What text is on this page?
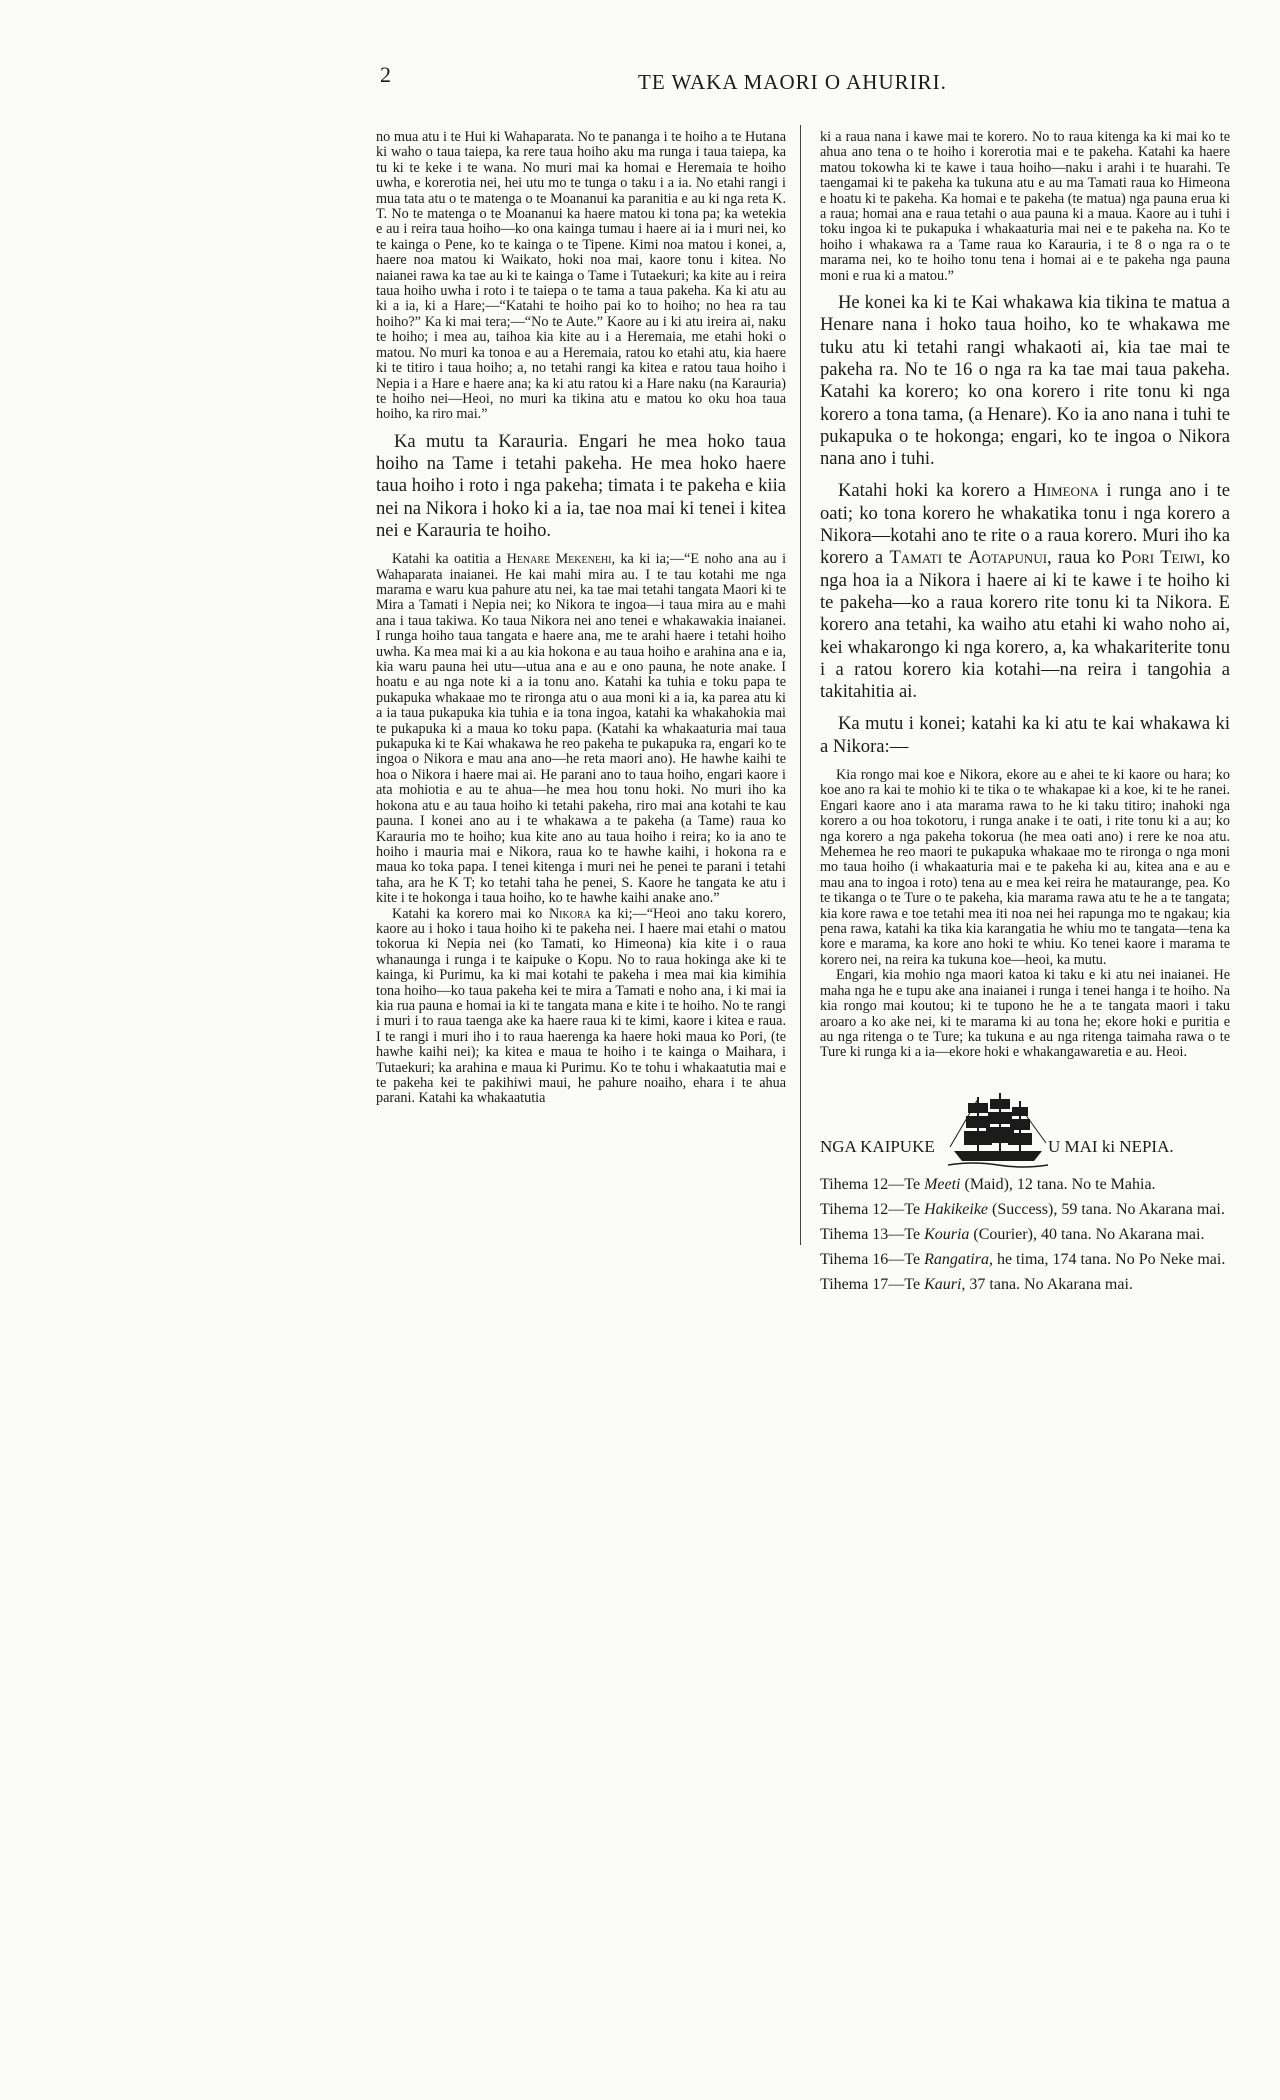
2	TE WAKA MAORI O AHURIRI.

no mua atu i te Hui ki Wahaparata. No te pananga i te hoiho a te Hutana ki waho o taua taiepa, ka rere taua hoiho aku ma runga i taua taiepa, ka tu ki te keke i te wana. No muri mai ka homai e Heremaia te hoiho uwha, e korerotia nei, hei utu mo te tunga o taku i a ia. No etahi rangi i mua tata atu o te matenga o te Moananui ka paranitia e au ki nga reta K. T. No te matenga o te Moananui ka haere matou ki tona pa; ka wetekia e au i reira taua hoiho—ko ona kainga tumau i haere ai ia i muri nei, ko te kainga o Pene, ko te kainga o te Tipene. Kimi noa matou i konei, a, haere noa matou ki Waikato, hoki noa mai, kaore tonu i kitea. No naianei rawa ka tae au ki te kainga o Tame i Tutaekuri; ka kite au i reira taua hoiho uwha i roto i te taiepa o te tama a taua pakeha. Ka ki atu au ki a ia, ki a Hare;—“Katahi te hoiho pai ko to hoiho; no hea ra tau hoiho?” Ka ki mai tera;—“No te Aute.” Kaore au i ki atu ireira ai, naku te hoiho; i mea au, taihoa kia kite au i a Heremaia, me etahi hoki o matou. No muri ka tonoa e au a Heremaia, ratou ko etahi atu, kia haere ki te titiro i taua hoiho; a, no tetahi rangi ka kitea e ratou taua hoiho i Nepia i a Hare e haere ana; ka ki atu ratou ki a Hare naku (na Karauria) te hoiho nei—Heoi, no muri ka tikina atu e matou ko oku hoa taua hoiho, ka riro mai.”

Ka mutu ta Karauria. Engari he mea hoko taua hoiho na Tame i tetahi pakeha. He mea hoko haere taua hoiho i roto i nga pakeha; timata i te pakeha e kiia nei na Nikora i hoko ki a ia, tae noa mai ki tenei i kitea nei e Karauria te hoiho.

Katahi ka oatitia a Henare Mekenehi, ka ki ia;—“E noho ana au i Wahaparata inaianei. He kai mahi mira au. I te tau kotahi me nga marama e waru kua pahure atu nei, ka tae mai tetahi tangata Maori ki te Mira a Tamati i Nepia nei; ko Nikora te ingoa—i taua mira au e mahi ana i taua takiwa. Ko taua Nikora nei ano tenei e whakawakia inaianei. I runga hoiho taua tangata e haere ana, me te arahi haere i tetahi hoiho uwha. Ka mea mai ki a au kia hokona e au taua hoiho e arahina ana e ia, kia waru pauna hei utu—utua ana e au e ono pauna, he note anake. I hoatu e au nga note ki a ia tonu ano. Katahi ka tuhia e toku papa te pukapuka whakaae mo te rironga atu o aua moni ki a ia, ka parea atu ki a ia taua pukapuka kia tuhia e ia tona ingoa, katahi ka whakahokia mai te pukapuka ki a maua ko toku papa. (Katahi ka whakaaturia mai taua pukapuka ki te Kai whakawa he reo pakeha te pukapuka ra, engari ko te ingoa o Nikora e mau ana ano—he reta maori ano). He hawhe kaihi te hoa o Nikora i haere mai ai. He parani ano to taua hoiho, engari kaore i ata mohiotia e au te ahua—he mea hou tonu hoki. No muri iho ka hokona atu e au taua hoiho ki tetahi pakeha, riro mai ana kotahi te kau pauna. I konei ano au i te whakawa a te pakeha (a Tame) raua ko Karauria mo te hoiho; kua kite ano au taua hoiho i reira; ko ia ano te hoiho i mauria mai e Nikora, raua ko te hawhe kaihi, i hokona ra e maua ko toka papa. I tenei kitenga i muri nei he penei te parani i tetahi taha, ara he K T; ko tetahi taha he penei, S. Kaore he tangata ke atu i kite i te hokonga i taua hoiho, ko te hawhe kaihi anake ano.”

Katahi ka korero mai ko Nikora ka ki;—“Heoi ano taku korero, kaore au i hoko i taua hoiho ki te pakeha nei. I haere mai etahi o matou tokorua ki Nepia nei (ko Tamati, ko Himeona) kia kite i o raua whanaunga i runga i te kaipuke o Kopu. No to raua hokinga ake ki te kainga, ki Purimu, ka ki mai kotahi te pakeha i mea mai kia kimihia tona hoiho—ko taua pakeha kei te mira a Tamati e noho ana, i ki mai ia kia rua pauna e homai ia ki te tangata mana e kite i te hoiho. No te rangi i muri i to raua taenga ake ka haere raua ki te kimi, kaore i kitea e raua. I te rangi i muri iho i to raua haerenga ka haere hoki maua ko Pori, (te hawhe kaihi nei); ka kitea e maua te hoiho i te kainga o Maihara, i Tutaekuri; ka arahina e maua ki Purimu. Ko te tohu i whakaatutia mai e te pakeha kei te pakihiwi maui, he pahure noaiho, ehara i te ahua parani. Katahi ka whakaatutia

ki a raua nana i kawe mai te korero. No to raua kitenga ka ki mai ko te ahua ano tena o te hoiho i korerotia mai e te pakeha. Katahi ka haere matou tokowha ki te kawe i taua hoiho—naku i arahi i te huarahi. Te taengamai ki te pakeha ka tukuna atu e au ma Tamati raua ko Himeona e hoatu ki te pakeha. Ka homai e te pakeha (te matua) nga pauna erua ki a raua; homai ana e raua tetahi o aua pauna ki a maua. Kaore au i tuhi i toku ingoa ki te pukapuka i whakaaturia mai nei e te pakeha na. Ko te hoiho i whakawa ra a Tame raua ko Karauria, i te 8 o nga ra o te marama nei, ko te hoiho tonu tena i homai ai e te pakeha nga pauna moni e rua ki a matou.”

He konei ka ki te Kai whakawa kia tikina te matua a Henare nana i hoko taua hoiho, ko te whakawa me tuku atu ki tetahi rangi whakaoti ai, kia tae mai te pakeha ra. No te 16 o nga ra ka tae mai taua pakeha. Katahi ka korero; ko ona korero i rite tonu ki nga korero a tona tama, (a Henare). Ko ia ano nana i tuhi te pukapuka o te hokonga; engari, ko te ingoa o Nikora nana ano i tuhi.

Katahi hoki ka korero a Himeona i runga ano i te oati; ko tona korero he whakatika tonu i nga korero a Nikora—kotahi ano te rite o a raua korero. Muri iho ka korero a Tamati te Aotapunui, raua ko Pori Teiwi, ko nga hoa ia a Nikora i haere ai ki te kawe i te hoiho ki te pakeha—ko a raua korero rite tonu ki ta Nikora. E korero ana tetahi, ka waiho atu etahi ki waho noho ai, kei whakarongo ki nga korero, a, ka whakariterite tonu i a ratou korero kia kotahi—na reira i tangohia a takitahitia ai.

Ka mutu i konei; katahi ka ki atu te kai whakawa ki a Nikora:—

Kia rongo mai koe e Nikora, ekore au e ahei te ki kaore ou hara; ko koe ano ra kai te mohio ki te tika o te whakapae ki a koe, ki te he ranei. Engari kaore ano i ata marama rawa to he ki taku titiro; inahoki nga korero a ou hoa tokotoru, i runga anake i te oati, i rite tonu ki a au; ko nga korero a nga pakeha tokorua (he mea oati ano) i rere ke noa atu. Mehemea he reo maori te pukapuka whakaae mo te rironga o nga moni mo taua hoiho (i whakaaturia mai e te pakeha ki au, kitea ana e au e mau ana to ingoa i roto) tena au e mea kei reira he mataurange, pea. Ko te tikanga o te Ture o te pakeha, kia marama rawa atu te he a te tangata; kia kore rawa e toe tetahi mea iti noa nei hei rapunga mo te ngakau; kia pena rawa, katahi ka tika kia karangatia he whiu mo te tangata—tena ka kore e marama, ka kore ano hoki te whiu. Ko tenei kaore i marama te korero nei, na reira ka tukuna koe—heoi, ka mutu.

Engari, kia mohio nga maori katoa ki taku e ki atu nei inaianei. He maha nga he e tupu ake ana inaianei i runga i tenei hanga i te hoiho. Na kia rongo mai koutou; ki te tupono he he a te tangata maori i taku aroaro a ko ake nei, ki te marama ki au tona he; ekore hoki e puritia e au nga ritenga o te Ture; ka tukuna e au nga ritenga taimaha rawa o te Ture ki runga ki a ia—ekore hoki e whakangawaretia e au. Heoi.

NGA KAIPUKE	U MAI ki NEPIA.

Tihema 12—Te Meeti (Maid), 12 tana. No te Mahia.

Tihema 12—Te Hakikeike (Success), 59 tana. No Akarana mai.

Tihema 13—Te Kouria (Courier), 40 tana. No Akarana mai.

Tihema 16—Te Rangatira, he tima, 174 tana. No Po Neke mai.

Tihema 17—Te Kauri, 37 tana. No Akarana mai.
